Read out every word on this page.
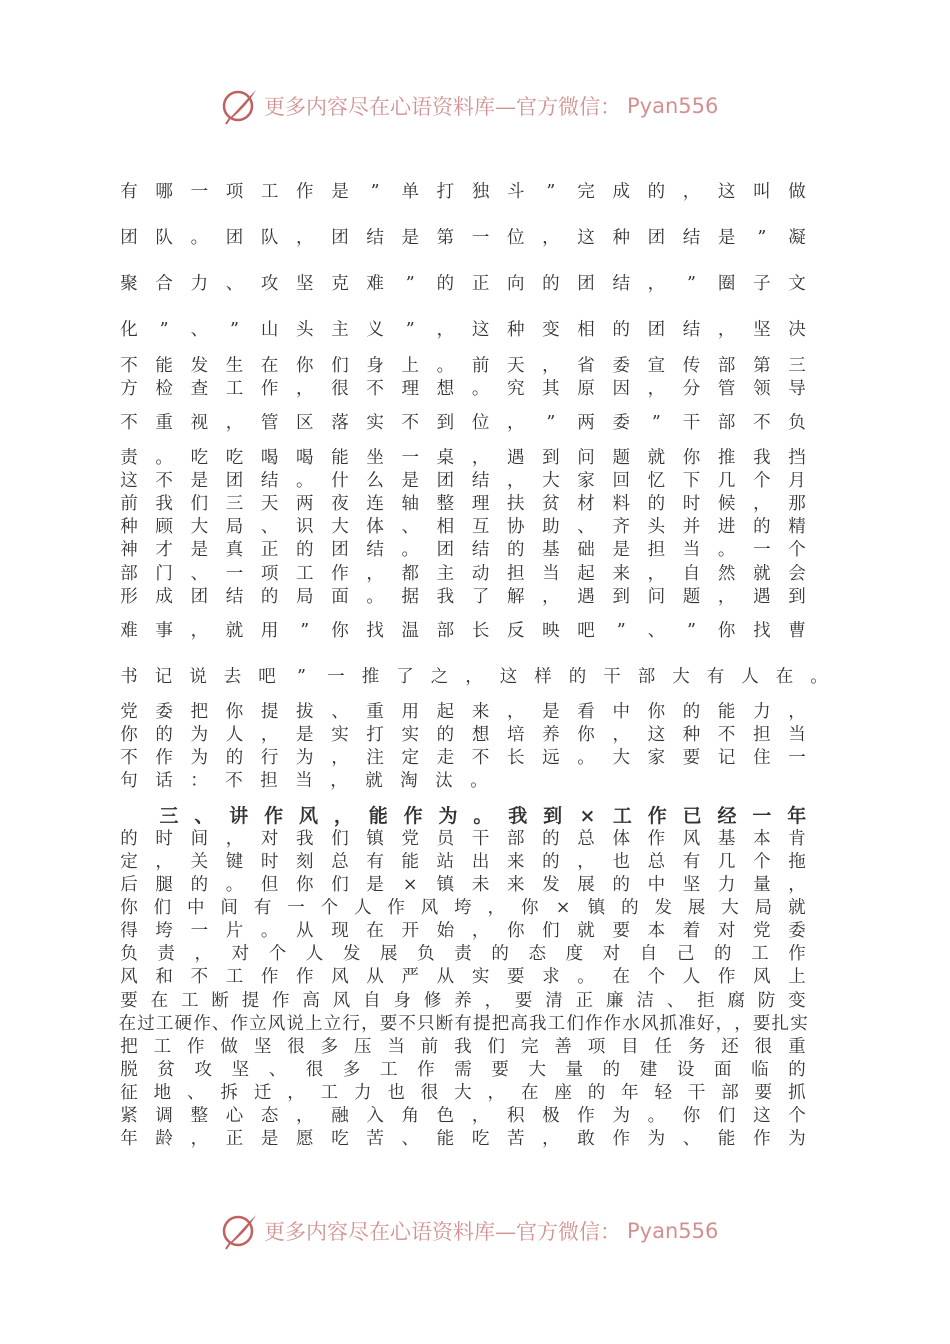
更多内容尽在心语资料库—官方微信： Pyan556
有 哪 一 项 工 作 是	”	单 打 独 斗	”	完 成 的 ， 这 叫 做
团 队 。 团 队 ， 团 结 是 第 一 位 ， 这 种 团 结 是	”	凝
聚 合 力 、 攻 坚 克 难	”	的 正 向 的 团 结 ，	”	圈 子 文
化	”	、	”	山 头 主 义	”	， 这 种 变 相 的 团 结 ， 坚 决
不 能 发 生 在 你 们 身 上 。 前 天 ， 省 委 宣 传 部 第 三
方 检 查 工 作 ， 很 不 理 想 。 究 其 原 因 ， 分 管 领 导
不 重 视 ， 管 区 落 实 不 到 位 ，	”	两 委	”	干 部 不 负
责 。 吃 吃 喝 喝 能 坐 一 桌 ， 遇 到 问 题 就 你 推 我 挡
这 不 是 团 结 。 什 么 是 团 结 ， 大 家 回 忆 下 几 个 月
前 我 们 三 天 两 夜 连 轴 整 理 扶 贫 材 料 的 时 候 ， 那
种 顾 大 局 、 识 大 体 、 相 互 协 助 、 齐 头 并 进 的 精
神 才 是 真 正 的 团 结 。 团 结 的 基 础 是 担 当 。 一 个
部 门 、 一 项 工 作 ， 都 主 动 担 当 起 来 ， 自 然 就 会
形 成 团 结 的 局 面 。 据 我 了 解 ， 遇 到 问 题 ， 遇 到
难 事 ， 就 用	”	你 找 温 部 长 反 映 吧	”	、	”	你 找 曹
书 记 说 去 吧	”	一 推 了 之 ， 这 样 的 干 部 大 有 人 在 。
党 委 把 你 提 拔 、 重 用 起 来 ， 是 看 中 你 的 能 力 ，
你 的 为 人 ， 是 实 打 实 的 想 培 养 你 ， 这 种 不 担 当
不 作 为 的 行 为 ， 注 定 走 不 长 远 。 大 家 要 记 住 一
句 话 ： 不 担 当 ， 就 淘 汰 。
三 、 讲 作 风 ， 能 作 为 。 我 到 × 工 作 已 经 一 年
的 时 间 ， 对 我 们 镇 党 员 干 部 的 总 体 作 风 基 本 肯
定 ， 关 键 时 刻 总 有 能 站 出 来 的 ， 也 总 有 几 个 拖
后 腿 的 。 但 你 们 是 × 镇 未 来 发 展 的 中 坚 力 量 ，
你 们 中 间 有 一 个 人 作 风 垮 ， 你 × 镇 的 发 展 大 局 就
得 垮 一 片 。 从 现 在 开 始 ， 你 们 就 要 本 着 对 党 委
负 责 ， 对 个 人 发 展 负 责 的 态 度 对 自 己 的 工 作
风 和 不 工 作 作 风 从 严 从 实 要 求 。 在 个 人 作 风 上
要 在 工 断 提 作 高 风 自 身 修 养 ， 要 清 正 廉 洁 、 拒 腐 防 变
在 过 工 硬 作 、 作 立 风 说 上 立 行 ， 要 不 只 断 有 提 把 高 我 工 们 作 作 水 风 抓 准 好 ， ， 要 扎 实
把 工 作 做 坚 很 多 压 当 前 我 们 完 善 项 目 任 务 还 很 重
脱 贫 攻 坚 、 很 多 工 作 需 要 大 量 的 建 设 面 临 的
征 地 、 拆 迁 ， 工 力 也 很 大 ， 在 座 的 年 轻 干 部 要 抓
紧 调 整 心 态 ， 融 入 角 色 ， 积 极 作 为 。 你 们 这 个
年 龄 ， 正 是 愿 吃 苦 、 能 吃 苦 ， 敢 作 为 、 能 作 为
更多内容尽在心语资料库—官方微信： Pyan556
